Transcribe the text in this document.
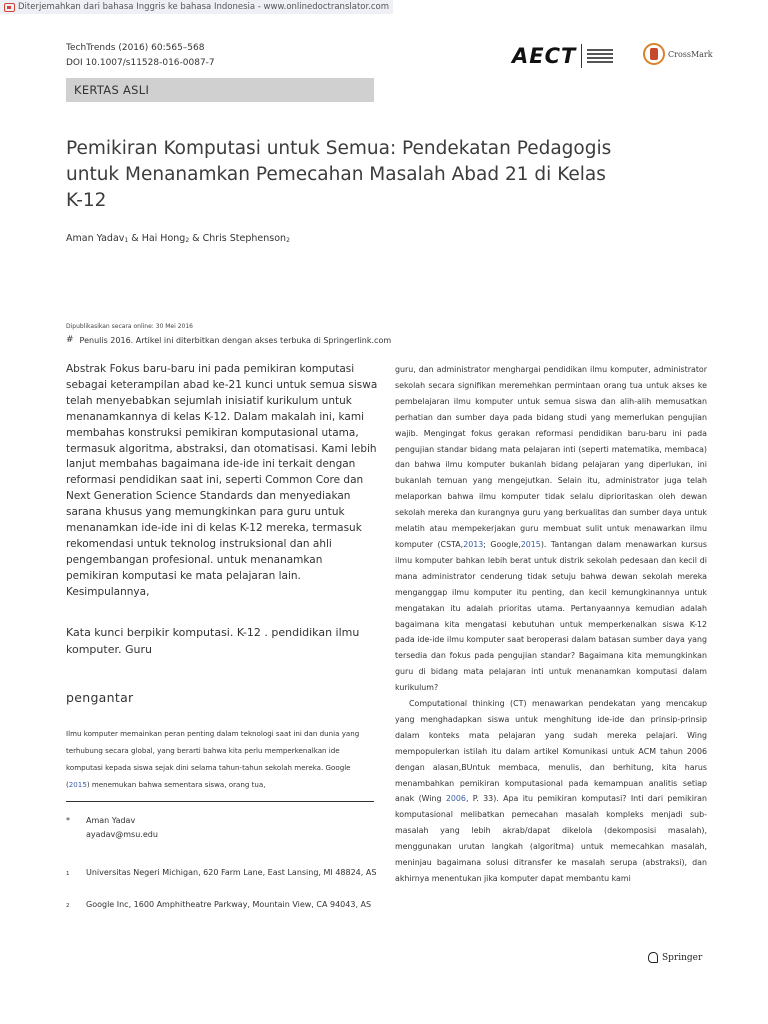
Diterjemahkan dari bahasa Inggris ke bahasa Indonesia - www.onlinedoctranslator.com
TechTrends (2016) 60:565–568
DOI 10.1007/s11528-016-0087-7	AECT	CrossMark
KERTAS ASLI
Pemikiran Komputasi untuk Semua: Pendekatan Pedagogis untuk Menanamkan Pemecahan Masalah Abad 21 di Kelas K-12
Aman Yadav$_1$ & Hai Hong$_2$ & Chris Stephenson$_2$
Dipublikasikan secara online: 30 Mei 2016
# Penulis 2016. Artikel ini diterbitkan dengan akses terbuka di Springerlink.com
Abstrak Fokus baru-baru ini pada pemikiran komputasi sebagai keterampilan abad ke-21 kunci untuk semua siswa telah menyebabkan sejumlah inisiatif kurikulum untuk menanamkannya di kelas K-12. Dalam makalah ini, kami membahas konstruksi pemikiran komputasional utama, termasuk algoritma, abstraksi, dan otomatisasi. Kami lebih lanjut membahas bagaimana ide-ide ini terkait dengan reformasi pendidikan saat ini, seperti Common Core dan Next Generation Science Standards dan menyediakan sarana khusus yang memungkinkan para guru untuk menanamkan ide-ide ini di kelas K-12 mereka, termasuk rekomendasi untuk teknolog instruksional dan ahli pengembangan profesional. untuk menanamkan pemikiran komputasi ke mata pelajaran lain. Kesimpulannya,
Kata kunci berpikir komputasi. K-12 . pendidikan ilmu komputer. Guru
pengantar
Ilmu komputer memainkan peran penting dalam teknologi saat ini dan dunia yang terhubung secara global, yang berarti bahwa kita perlu memperkenalkan ide komputasi kepada siswa sejak dini selama tahun-tahun sekolah mereka. Google (2015) menemukan bahwa sementara siswa, orang tua,
*	Aman Yadav
ayadav@msu.edu
1	Universitas Negeri Michigan, 620 Farm Lane, East Lansing, MI 48824, AS
2	Google Inc, 1600 Amphitheatre Parkway, Mountain View, CA 94043, AS

guru, dan administrator menghargai pendidikan ilmu komputer, administrator sekolah secara signifikan meremehkan permintaan orang tua untuk akses ke pembelajaran ilmu komputer untuk semua siswa dan alih-alih memusatkan perhatian dan sumber daya pada bidang studi yang memerlukan pengujian wajib. Mengingat fokus gerakan reformasi pendidikan baru-baru ini pada pengujian standar bidang mata pelajaran inti (seperti matematika, membaca) dan bahwa ilmu komputer bukanlah bidang pelajaran yang diperlukan, ini bukanlah temuan yang mengejutkan. Selain itu, administrator juga telah melaporkan bahwa ilmu komputer tidak selalu diprioritaskan oleh dewan sekolah mereka dan kurangnya guru yang berkualitas dan sumber daya untuk melatih atau mempekerjakan guru membuat sulit untuk menawarkan ilmu komputer (CSTA,2013; Google,2015). Tantangan dalam menawarkan kursus ilmu komputer bahkan lebih berat untuk distrik sekolah pedesaan dan kecil di mana administrator cenderung tidak setuju bahwa dewan sekolah mereka menganggap ilmu komputer itu penting, dan kecil kemungkinannya untuk mengatakan itu adalah prioritas utama. Pertanyaannya kemudian adalah bagaimana kita mengatasi kebutuhan untuk memperkenalkan siswa K-12 pada ide-ide ilmu komputer saat beroperasi dalam batasan sumber daya yang tersedia dan fokus pada pengujian standar? Bagaimana kita memungkinkan guru di bidang mata pelajaran inti untuk menanamkan komputasi dalam kurikulum?

Computational thinking (CT) menawarkan pendekatan yang mencakup yang menghadapkan siswa untuk menghitung ide-ide dan prinsip-prinsip dalam konteks mata pelajaran yang sudah mereka pelajari. Wing mempopulerkan istilah itu dalam artikel Komunikasi untuk ACM tahun 2006 dengan alasan,BUntuk membaca, menulis, dan berhitung, kita harus menambahkan pemikiran komputasional pada kemampuan analitis setiap anak (Wing 2006, P. 33). Apa itu pemikiran komputasi? Inti dari pemikiran komputasional melibatkan pemecahan masalah kompleks menjadi sub-masalah yang lebih akrab/dapat dikelola (dekomposisi masalah), menggunakan urutan langkah (algoritma) untuk memecahkan masalah, meninjau bagaimana solusi ditransfer ke masalah serupa (abstraksi), dan akhirnya menentukan jika komputer dapat membantu kami

Springer
